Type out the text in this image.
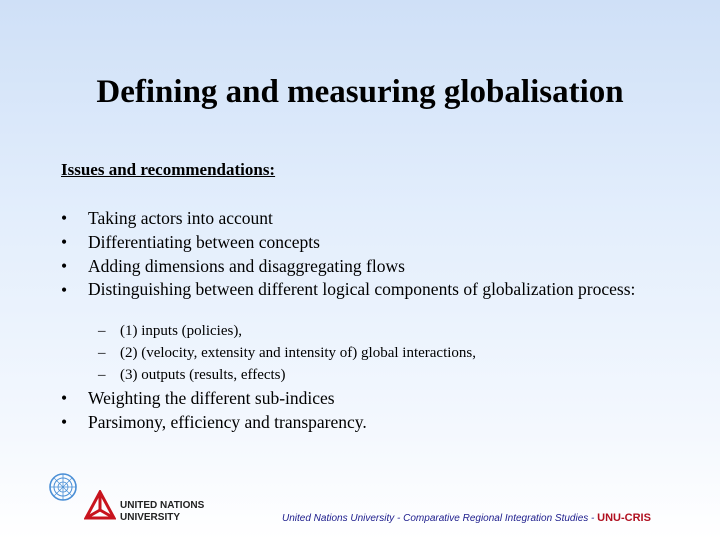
Defining and measuring globalisation
Issues and recommendations:
• Taking actors into account
• Differentiating between concepts
• Adding dimensions and disaggregating flows
• Distinguishing between different logical components of globalization process:
– (1) inputs (policies),
– (2) (velocity, extensity and intensity of) global interactions,
– (3) outputs (results, effects)
• Weighting the different sub-indices
• Parsimony, efficiency and transparency.
UNITED NATIONS
UNIVERSITY	United Nations University - Comparative Regional Integration Studies - UNU-CRIS
